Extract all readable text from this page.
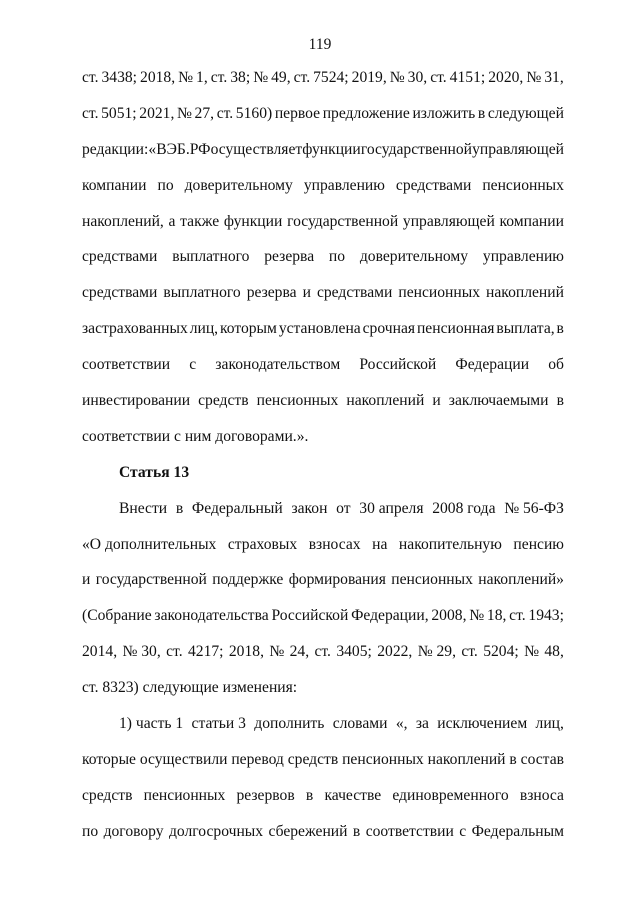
119
ст. 3438; 2018, № 1, ст. 38; № 49, ст. 7524; 2019, № 30, ст. 4151; 2020, № 31,
ст. 5051; 2021, № 27, ст. 5160) первое предложение изложить в следующей
редакции: «ВЭБ.РФ осуществляет функции государственной управляющей
компании по доверительному управлению средствами пенсионных
накоплений, а также функции государственной управляющей компании
средствами выплатного резерва по доверительному управлению
средствами выплатного резерва и средствами пенсионных накоплений
застрахованных лиц, которым установлена срочная пенсионная выплата, в
соответствии с законодательством Российской Федерации об
инвестировании средств пенсионных накоплений и заключаемыми в
соответствии с ним договорами.».
Статья 13
Внести в Федеральный закон от 30 апреля 2008 года № 56-ФЗ
«О дополнительных страховых взносах на накопительную пенсию
и государственной поддержке формирования пенсионных накоплений»
(Собрание законодательства Российской Федерации, 2008, № 18, ст. 1943;
2014, № 30, ст. 4217; 2018, № 24, ст. 3405; 2022, № 29, ст. 5204; № 48,
ст. 8323) следующие изменения:
1) часть 1 статьи 3 дополнить словами «, за исключением лиц,
которые осуществили перевод средств пенсионных накоплений в состав
средств пенсионных резервов в качестве единовременного взноса
по договору долгосрочных сбережений в соответствии с Федеральным
